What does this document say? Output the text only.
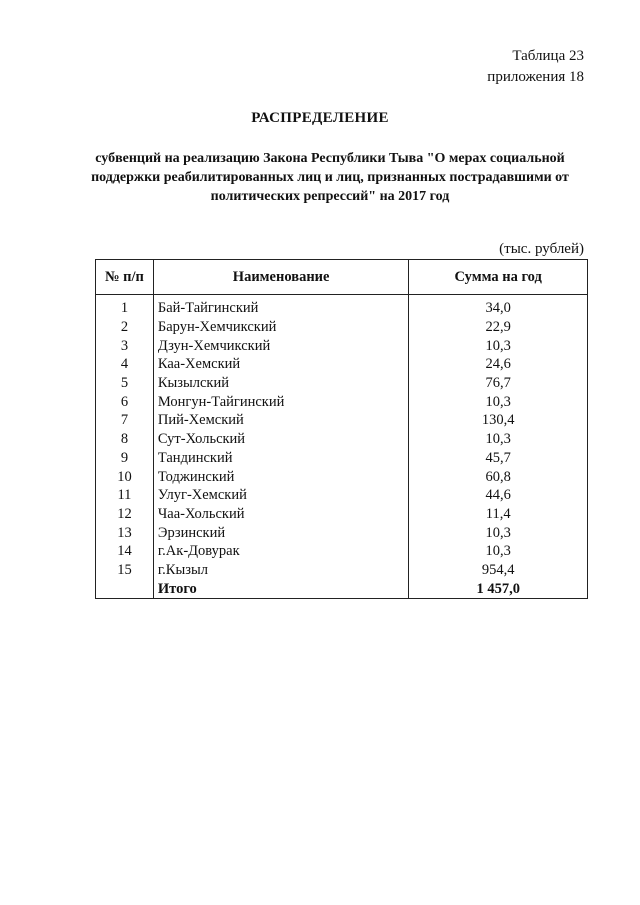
Таблица 23
приложения 18
РАСПРЕДЕЛЕНИЕ
субвенций на реализацию Закона Республики Тыва "О мерах социальной поддержки реабилитированных лиц и лиц, признанных пострадавшими от политических репрессий" на 2017 год
(тыс. рублей)
№ п/п	Наименование	Сумма на год
1	Бай-Тайгинский	34,0
2	Барун-Хемчикский	22,9
3	Дзун-Хемчикский	10,3
4	Каа-Хемский	24,6
5	Кызылский	76,7
6	Монгун-Тайгинский	10,3
7	Пий-Хемский	130,4
8	Сут-Хольский	10,3
9	Тандинский	45,7
10	Тоджинский	60,8
11	Улуг-Хемский	44,6
12	Чаа-Хольский	11,4
13	Эрзинский	10,3
14	г.Ак-Довурак	10,3
15	г.Кызыл	954,4
	Итого	1 457,0
